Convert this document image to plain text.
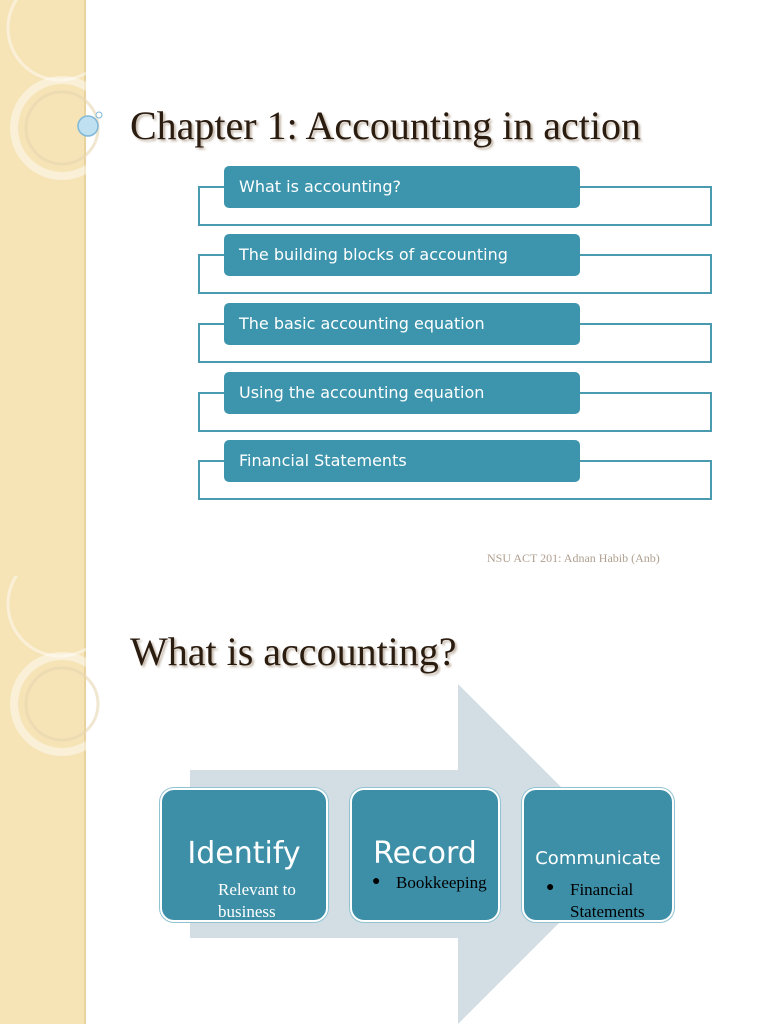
Chapter 1: Accounting in action
What is accounting?
The building blocks of accounting
The basic accounting equation
Using the accounting equation
Financial Statements
NSU ACT 201: Adnan Habib (Anb)
What is accounting?
Identify
● Relevant to
business
Record
● Bookkeeping
Communicate
● Financial
Statements
